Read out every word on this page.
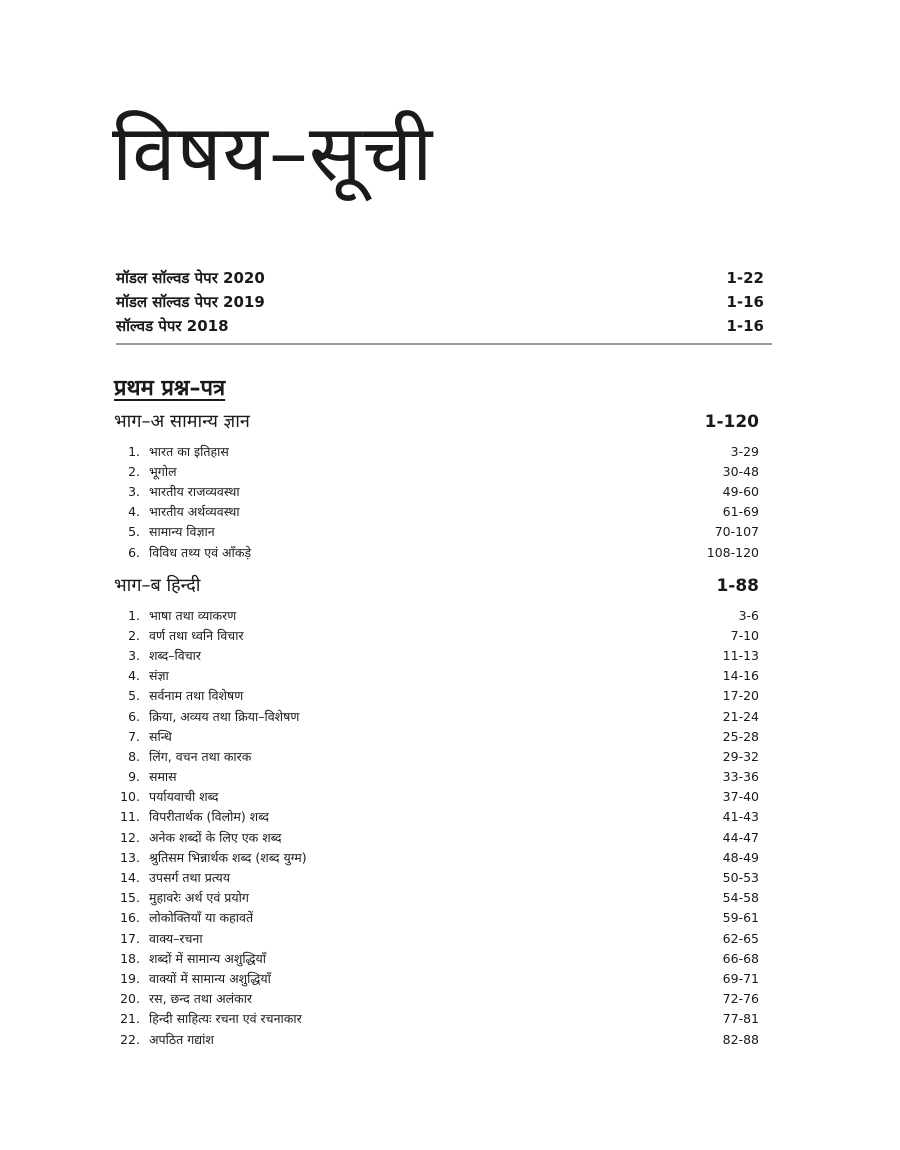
विषय–सूची
मॉडल सॉल्वड पेपर 2020	1-22
मॉडल सॉल्वड पेपर 2019	1-16
सॉल्वड पेपर 2018	1-16
प्रथम प्रश्न–पत्र
भाग–अ सामान्य ज्ञान	1-120
1. भारत का इतिहास	3-29
2. भूगोल	30-48
3. भारतीय राजव्यवस्था	49-60
4. भारतीय अर्थव्यवस्था	61-69
5. सामान्य विज्ञान	70-107
6. विविध तथ्य एवं आँकड़े	108-120
भाग–ब हिन्दी	1-88
1. भाषा तथा व्याकरण	3-6
2. वर्ण तथा ध्वनि विचार	7-10
3. शब्द–विचार	11-13
4. संज्ञा	14-16
5. सर्वनाम तथा विशेषण	17-20
6. क्रिया, अव्यय तथा क्रिया–विशेषण	21-24
7. सन्धि	25-28
8. लिंग, वचन तथा कारक	29-32
9. समास	33-36
10. पर्यायवाची शब्द	37-40
11. विपरीतार्थक (विलोम) शब्द	41-43
12. अनेक शब्दों के लिए एक शब्द	44-47
13. श्रुतिसम भिन्नार्थक शब्द (शब्द युग्म)	48-49
14. उपसर्ग तथा प्रत्यय	50-53
15. मुहावरेः अर्थ एवं प्रयोग	54-58
16. लोकोक्तियाँ या कहावतें	59-61
17. वाक्य–रचना	62-65
18. शब्दों में सामान्य अशुद्धियाँ	66-68
19. वाक्यों में सामान्य अशुद्धियाँ	69-71
20. रस, छन्द तथा अलंकार	72-76
21. हिन्दी साहित्यः रचना एवं रचनाकार	77-81
22. अपठित गद्यांश	82-88
